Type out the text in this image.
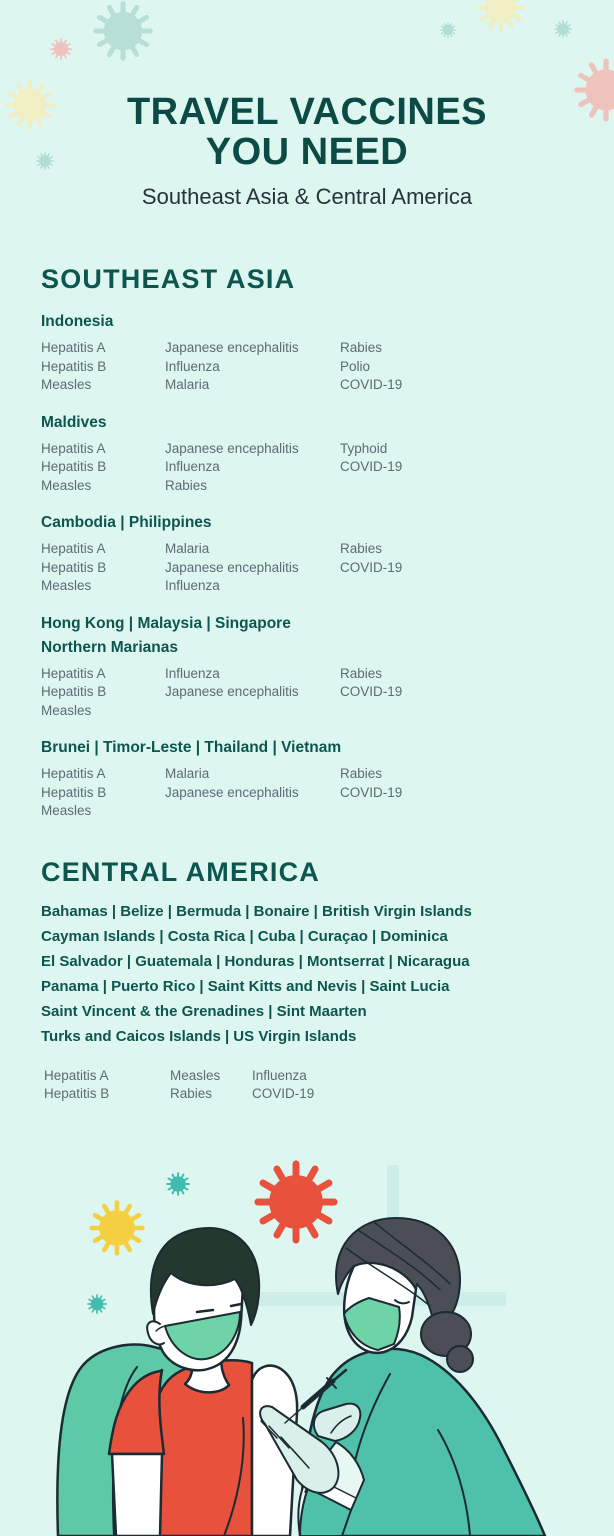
TRAVEL VACCINES
YOU NEED
Southeast Asia & Central America
SOUTHEAST ASIA
Indonesia
Hepatitis A
Hepatitis B
Measles
Japanese encephalitis
Influenza
Malaria
Rabies
Polio
COVID-19
Maldives
Hepatitis A
Hepatitis B
Measles
Japanese encephalitis
Influenza
Rabies
Typhoid
COVID-19
Cambodia | Philippines
Hepatitis A
Hepatitis B
Measles
Malaria
Japanese encephalitis
Influenza
Rabies
COVID-19
Hong Kong | Malaysia | Singapore
Northern Marianas
Hepatitis A
Hepatitis B
Measles
Influenza
Japanese encephalitis
Rabies
COVID-19
Brunei | Timor-Leste | Thailand | Vietnam
Hepatitis A
Hepatitis B
Measles
Malaria
Japanese encephalitis
Rabies
COVID-19
CENTRAL AMERICA
Bahamas | Belize | Bermuda | Bonaire | British Virgin Islands
Cayman Islands | Costa Rica | Cuba | Curaçao | Dominica
El Salvador | Guatemala | Honduras | Montserrat | Nicaragua
Panama | Puerto Rico | Saint Kitts and Nevis | Saint Lucia
Saint Vincent & the Grenadines | Sint Maarten
Turks and Caicos Islands | US Virgin Islands
Hepatitis A
Hepatitis B
Measles
Rabies
Influenza
COVID-19
